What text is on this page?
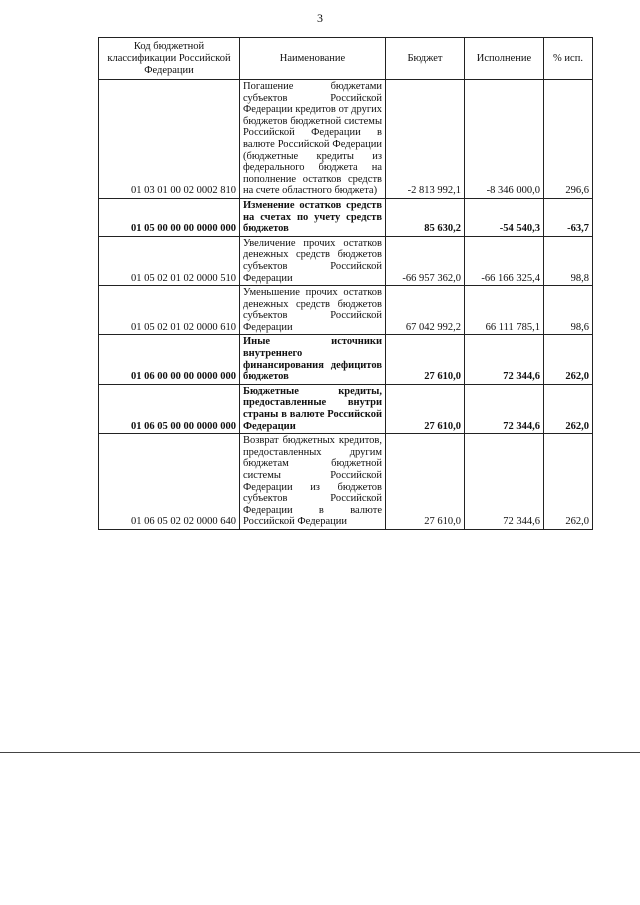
3
Код бюджетной классификации Российской Федерации	Наименование	Бюджет	Исполнение	% исп.
01 03 01 00 02 0002 810	Погашение бюджетами субъектов Российской Федерации кредитов от других бюджетов бюджетной системы Российской Федерации в валюте Российской Федерации (бюджетные кредиты из федерального бюджета на пополнение остатков средств на счете областного бюджета)	-2 813 992,1	-8 346 000,0	296,6
01 05 00 00 00 0000 000	Изменение остатков средств на счетах по учету средств бюджетов	85 630,2	-54 540,3	-63,7
01 05 02 01 02 0000 510	Увеличение прочих остатков денежных средств бюджетов субъектов Российской Федерации	-66 957 362,0	-66 166 325,4	98,8
01 05 02 01 02 0000 610	Уменьшение прочих остатков денежных средств бюджетов субъектов Российской Федерации	67 042 992,2	66 111 785,1	98,6
01 06 00 00 00 0000 000	Иные источники внутреннего финансирования дефицитов бюджетов	27 610,0	72 344,6	262,0
01 06 05 00 00 0000 000	Бюджетные кредиты, предоставленные внутри страны в валюте Российской Федерации	27 610,0	72 344,6	262,0
01 06 05 02 02 0000 640	Возврат бюджетных кредитов, предоставленных другим бюджетам бюджетной системы Российской Федерации из бюджетов субъектов Российской Федерации в валюте Российской Федерации	27 610,0	72 344,6	262,0
